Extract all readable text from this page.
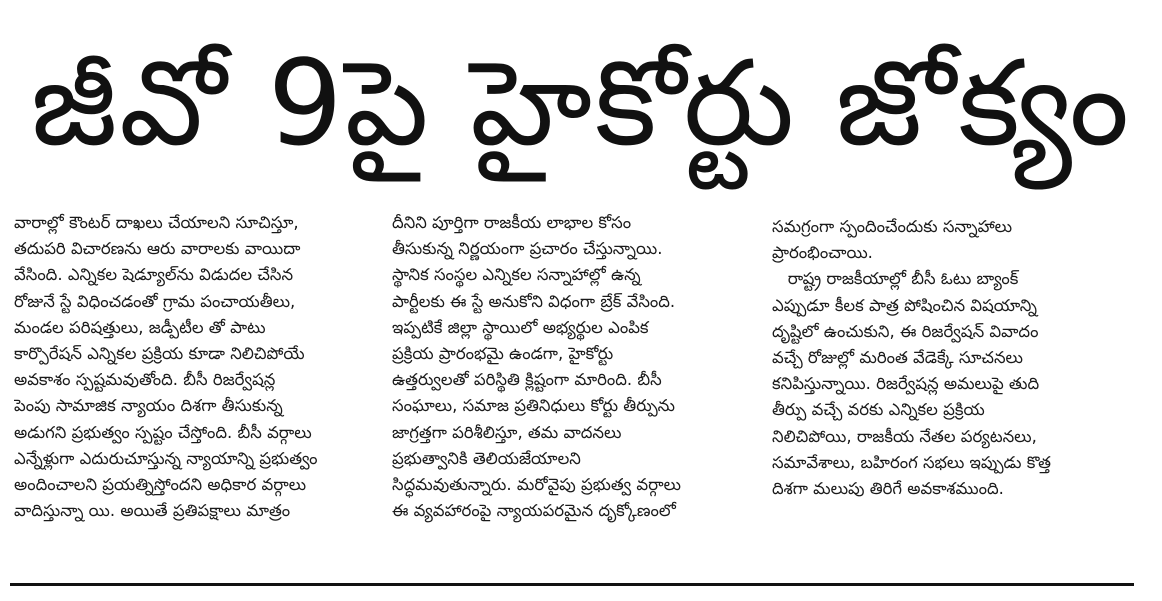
జీవో 9పై హైకోర్టు జోక్యం
వారాల్లో కౌంటర్ దాఖలు చేయాలని సూచిస్తూ,
తదుపరి విచారణను ఆరు వారాలకు వాయిదా
వేసింది. ఎన్నికల షెడ్యూల్‌ను విడుదల చేసిన
రోజునే స్టే విధించడంతో గ్రామ పంచాయతీలు,
మండల పరిషత్తులు, జడ్పీటీల తో పాటు
కార్పొరేషన్ ఎన్నికల ప్రక్రియ కూడా నిలిచిపోయే
అవకాశం స్పష్టమవుతోంది. బీసీ రిజర్వేషన్ల
పెంపు సామాజిక న్యాయం దిశగా తీసుకున్న
అడుగని ప్రభుత్వం స్పష్టం చేస్తోంది. బీసీ వర్గాలు
ఎన్నేళ్లుగా ఎదురుచూస్తున్న న్యాయాన్ని ప్రభుత్వం
అందించాలని ప్రయత్నిస్తోందని అధికార వర్గాలు
వాదిస్తున్నా యి. అయితే ప్రతిపక్షాలు మాత్రం
దీనిని పూర్తిగా రాజకీయ లాభాల కోసం
తీసుకున్న నిర్ణయంగా ప్రచారం చేస్తున్నాయి.
స్థానిక సంస్థల ఎన్నికల సన్నాహాల్లో ఉన్న
పార్టీలకు ఈ స్టే అనుకోని విధంగా బ్రేక్ వేసింది.
ఇప్పటికే జిల్లా స్థాయిలో అభ్యర్థుల ఎంపిక
ప్రక్రియ ప్రారంభమై ఉండగా, హైకోర్టు
ఉత్తర్వులతో పరిస్థితి క్లిష్టంగా మారింది. బీసీ
సంఘాలు, సమాజ ప్రతినిధులు కోర్టు తీర్పును
జాగ్రత్తగా పరిశీలిస్తూ, తమ వాదనలు
ప్రభుత్వానికి తెలియజేయాలని
సిద్ధమవుతున్నారు. మరోవైపు ప్రభుత్వ వర్గాలు
ఈ వ్యవహారంపై న్యాయపరమైన దృక్కోణంలో
సమగ్రంగా స్పందించేందుకు సన్నాహాలు
ప్రారంభించాయి.
రాష్ట్ర రాజకీయాల్లో బీసీ ఓటు బ్యాంక్
ఎప్పుడూ కీలక పాత్ర పోషించిన విషయాన్ని
దృష్టిలో ఉంచుకుని, ఈ రిజర్వేషన్ వివాదం
వచ్చే రోజుల్లో మరింత వేడెక్కే సూచనలు
కనిపిస్తున్నాయి. రిజర్వేషన్ల అమలుపై తుది
తీర్పు వచ్చే వరకు ఎన్నికల ప్రక్రియ
నిలిచిపోయి, రాజకీయ నేతల పర్యటనలు,
సమావేశాలు, బహిరంగ సభలు ఇప్పుడు కొత్త
దిశగా మలుపు తిరిగే అవకాశముంది.
